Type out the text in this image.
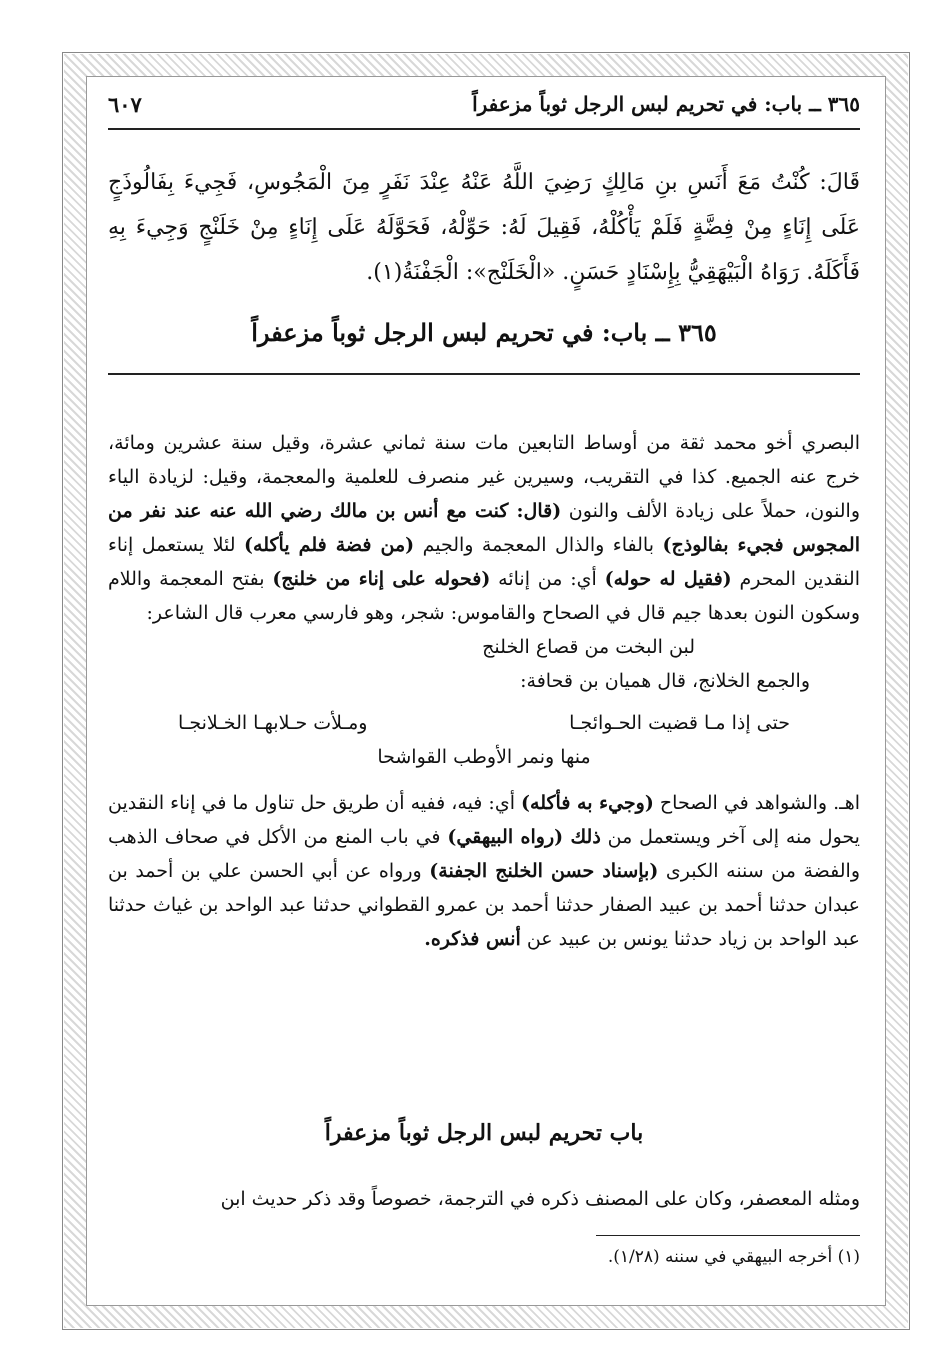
٣٦٥ ــ باب: في تحريم لبس الرجل ثوباً مزعفراً
٦٠٧

قَالَ: كُنْتُ مَعَ أَنَسِ بنِ مَالِكٍ رَضِيَ اللَّهُ عَنْهُ عِنْدَ نَفَرٍ مِنَ الْمَجُوسِ، فَجِيءَ بِفَالُوذَجٍ عَلَى إِنَاءٍ مِنْ فِضَّةٍ فَلَمْ يَأْكُلْهُ، فَقِيلَ لَهُ: حَوِّلْهُ، فَحَوَّلَهُ عَلَى إِنَاءٍ مِنْ خَلَنْجٍ وَجِيءَ بِهِ فَأَكَلَهُ. رَوَاهُ الْبَيْهَقِيُّ بِإِسْنَادٍ حَسَنٍ. «الْخَلَنْج»: الْجَفْنَةُ(١).

٣٦٥ ــ باب: في تحريم لبس الرجل ثوباً مزعفراً

البصري أخو محمد ثقة من أوساط التابعين مات سنة ثماني عشرة، وقيل سنة عشرين ومائة، خرج عنه الجميع. كذا في التقريب، وسيرين غير منصرف للعلمية والمعجمة، وقيل: لزيادة الياء والنون، حملاً على زيادة الألف والنون (قال: كنت مع أنس بن مالك رضي الله عنه عند نفر من المجوس فجيء بفالوذج) بالفاء والذال المعجمة والجيم (من فضة فلم يأكله) لئلا يستعمل إناء النقدين المحرم (فقيل له حوله) أي: من إنائه (فحوله على إناء من خلنج) بفتح المعجمة واللام وسكون النون بعدها جيم قال في الصحاح والقاموس: شجر، وهو فارسي معرب قال الشاعر:

لبن البخت من قصاع الخلنج

والجمع الخلانج، قال هميان بن قحافة:

حتى إذا مـا قضيت الحـوائجـا
ومـلأت حـلابهـا الخـلانجـا

منها ونمر الأوطب القواشحا

اهـ. والشواهد في الصحاح (وجيء به فأكله) أي: فيه، ففيه أن طريق حل تناول ما في إناء النقدين يحول منه إلى آخر ويستعمل من ذلك (رواه البيهقي) في باب المنع من الأكل في صحاف الذهب والفضة من سننه الكبرى (بإسناد حسن الخلنج الجفنة) ورواه عن أبي الحسن علي بن أحمد بن عبدان حدثنا أحمد بن عبيد الصفار حدثنا أحمد بن عمرو القطواني حدثنا عبد الواحد بن غياث حدثنا عبد الواحد بن زياد حدثنا يونس بن عبيد عن أنس فذكره.

باب تحريم لبس الرجل ثوباً مزعفراً
ومثله المعصفر، وكان على المصنف ذكره في الترجمة، خصوصاً وقد ذكر حديث ابن
(١) أخرجه البيهقي في سننه (١/٢٨).
